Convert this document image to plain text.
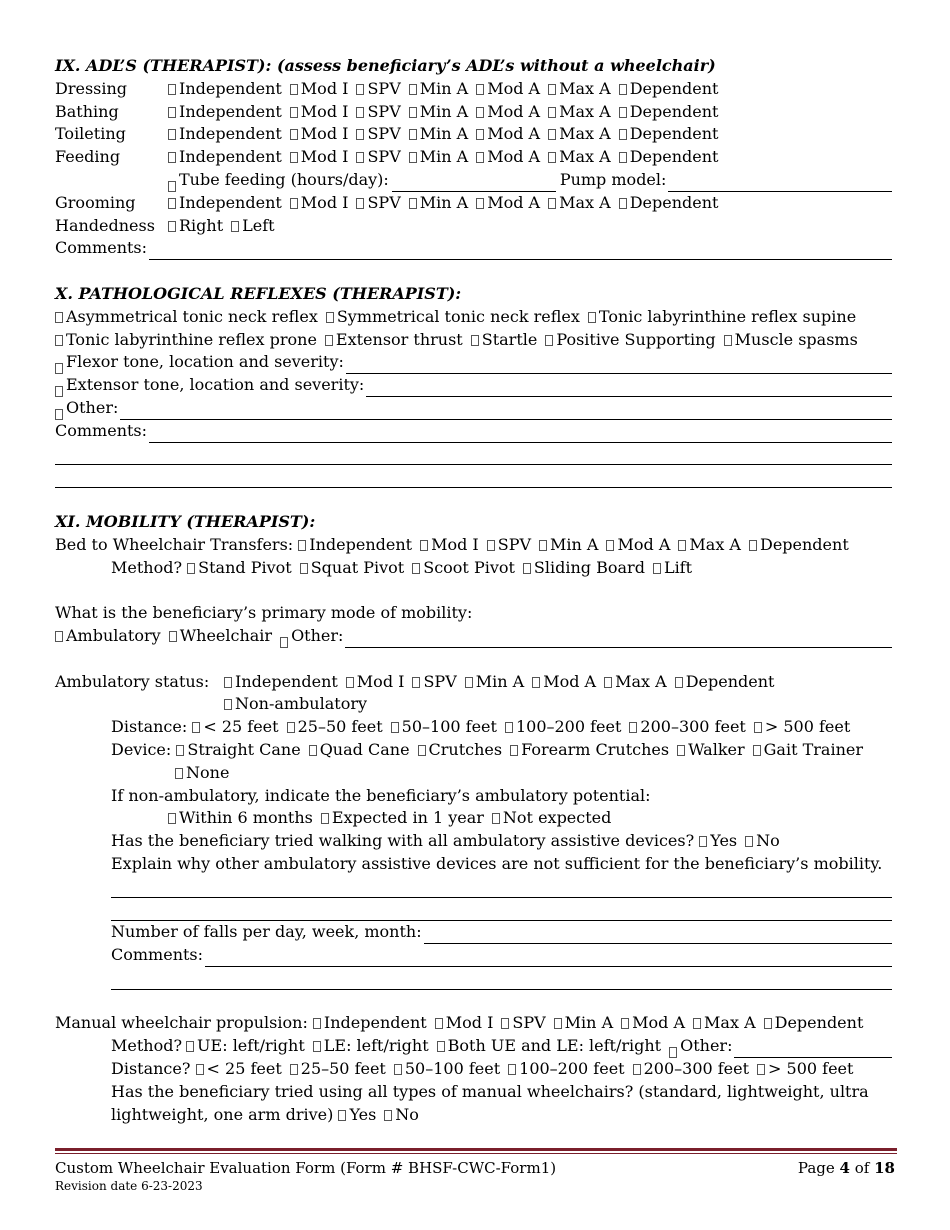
IX. ADL’S (THERAPIST): (assess beneficiary’s ADL’s without a wheelchair)
Dressing	Independent Mod I SPV Min A Mod A Max A Dependent
Bathing	Independent Mod I SPV Min A Mod A Max A Dependent
Toileting	Independent Mod I SPV Min A Mod A Max A Dependent
Feeding	Independent Mod I SPV Min A Mod A Max A Dependent
Tube feeding (hours/day):	Pump model:
Grooming	Independent Mod I SPV Min A Mod A Max A Dependent
Handedness Right Left
Comments:
X. PATHOLOGICAL REFLEXES (THERAPIST):
Asymmetrical tonic neck reflex Symmetrical tonic neck reflex Tonic labyrinthine reflex supine
Tonic labyrinthine reflex prone Extensor thrust Startle Positive Supporting Muscle spasms
Flexor tone, location and severity:
Extensor tone, location and severity:
Other:
Comments:
XI. MOBILITY (THERAPIST):
Bed to Wheelchair Transfers: Independent Mod I SPV Min A Mod A Max A Dependent
Method? Stand Pivot Squat Pivot Scoot Pivot Sliding Board Lift
What is the beneficiary’s primary mode of mobility:
Ambulatory Wheelchair	Other:
Ambulatory status: Independent Mod I SPV Min A Mod A Max A Dependent
Non-ambulatory
Distance: < 25 feet 25–50 feet 50–100 feet 100–200 feet 200–300 feet > 500 feet
Device: Straight Cane Quad Cane Crutches Forearm Crutches Walker Gait Trainer
None
If non-ambulatory, indicate the beneficiary’s ambulatory potential:
Within 6 months Expected in 1 year Not expected
Has the beneficiary tried walking with all ambulatory assistive devices? Yes No
Explain why other ambulatory assistive devices are not sufficient for the beneficiary’s mobility.
Number of falls per day, week, month:
Comments:
Manual wheelchair propulsion: Independent Mod I SPV Min A Mod A Max A Dependent
Method? UE: left/right LE: left/right Both UE and LE: left/right	Other:
Distance? < 25 feet 25–50 feet 50–100 feet 100–200 feet 200–300 feet > 500 feet
Has the beneficiary tried using all types of manual wheelchairs? (standard, lightweight, ultra
lightweight, one arm drive) Yes No
Custom Wheelchair Evaluation Form (Form # BHSF-CWC-Form1)
Revision date 6-23-2023
Page 4 of 18
